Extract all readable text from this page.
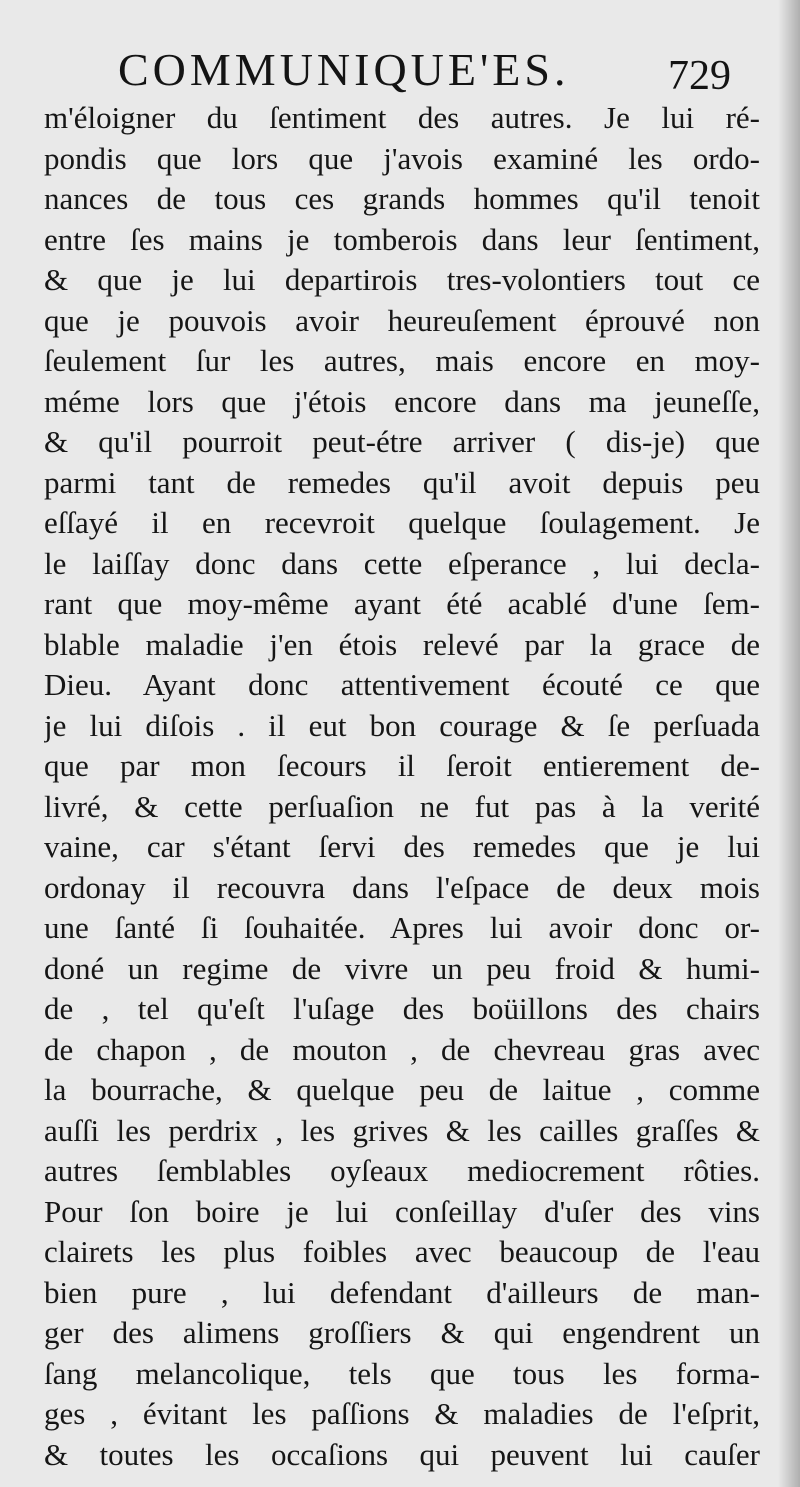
COMMUNIQUE'ES.	729
m'éloigner du ſentiment des autres. Je lui ré-
pondis que lors que j'avois examiné les ordo-
nances de tous ces grands hommes qu'il tenoit
entre ſes mains je tomberois dans leur ſentiment,
& que je lui departirois tres-volontiers tout ce
que je pouvois avoir heureuſement éprouvé non
ſeulement ſur les autres, mais encore en moy-
méme lors que j'étois encore dans ma jeuneſſe,
& qu'il pourroit peut-étre arriver ( dis-je) que
parmi tant de remedes qu'il avoit depuis peu
eſſayé il en recevroit quelque ſoulagement. Je
le laiſſay donc dans cette eſperance , lui decla-
rant que moy-même ayant été acablé d'une ſem-
blable maladie j'en étois relevé par la grace de
Dieu. Ayant donc attentivement écouté ce que
je lui diſois . il eut bon courage & ſe perſuada
que par mon ſecours il ſeroit entierement de-
livré, & cette perſuaſion ne fut pas à la verité
vaine, car s'étant ſervi des remedes que je lui
ordonay il recouvra dans l'eſpace de deux mois
une ſanté ſi ſouhaitée. Apres lui avoir donc or-
doné un regime de vivre un peu froid & humi-
de , tel qu'eſt l'uſage des boüillons des chairs
de chapon , de mouton , de chevreau gras avec
la bourrache, & quelque peu de laitue , comme
auſſi les perdrix , les grives & les cailles graſſes &
autres ſemblables oyſeaux mediocrement rôties.
Pour ſon boire je lui conſeillay d'uſer des vins
clairets les plus foibles avec beaucoup de l'eau
bien pure , lui defendant d'ailleurs de man-
ger des alimens groſſiers & qui engendrent un
ſang melancolique, tels que tous les formа-
ges , évitant les paſſions & maladies de l'eſprit,
& toutes les occaſions qui peuvent lui cauſer
